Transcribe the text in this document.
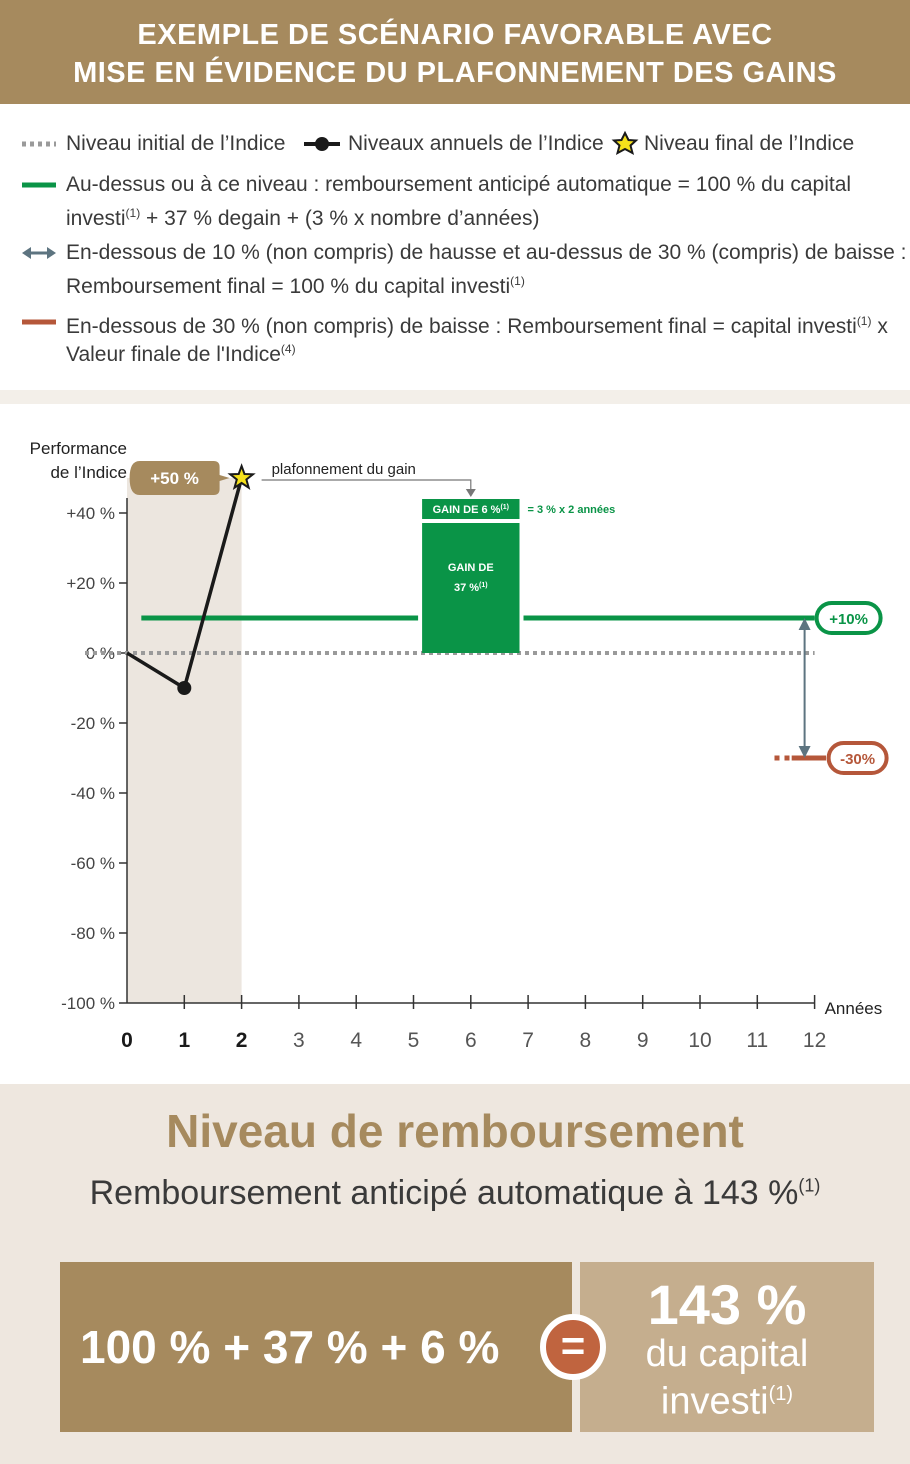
EXEMPLE DE SCÉNARIO FAVORABLE AVEC
MISE EN ÉVIDENCE DU PLAFONNEMENT DES GAINS
Niveau initial de l’Indice	Niveaux annuels de l’Indice Niveau final de l’Indice
Au-dessus ou à ce niveau : remboursement anticipé automatique = 100 % du capital
investi$^{(1)}$ + 37 % degain + (3 % x nombre d’années)
En-dessous de 10 % (non compris) de hausse et au-dessus de 30 % (compris) de baisse :
Remboursement final = 100 % du capital investi$^{(1)}$
En-dessous de 30 % (non compris) de baisse : Remboursement final = capital investi$^{(1)}$ x
Valeur finale de l'Indice$^{(4)}$
+40 %
+20 %
0 %
-20 %
-40 %
-60 %
-80 %
-100 %
0 1 2 3 4 5 6 7 8 9 10 11 12
Performance
de l’Indice
Années
+10%
-30%
GAIN DE
37 %$^{(1)}$
GAIN DE 6 %$^{(1)}$ = 3 % x 2 années
plafonnement du gain
+50 %
Niveau de remboursement
Remboursement anticipé automatique à 143 %$^{(1)}$
100 % + 37 % + 6 %
143 %
du capital
investi$^{(1)}$
=
